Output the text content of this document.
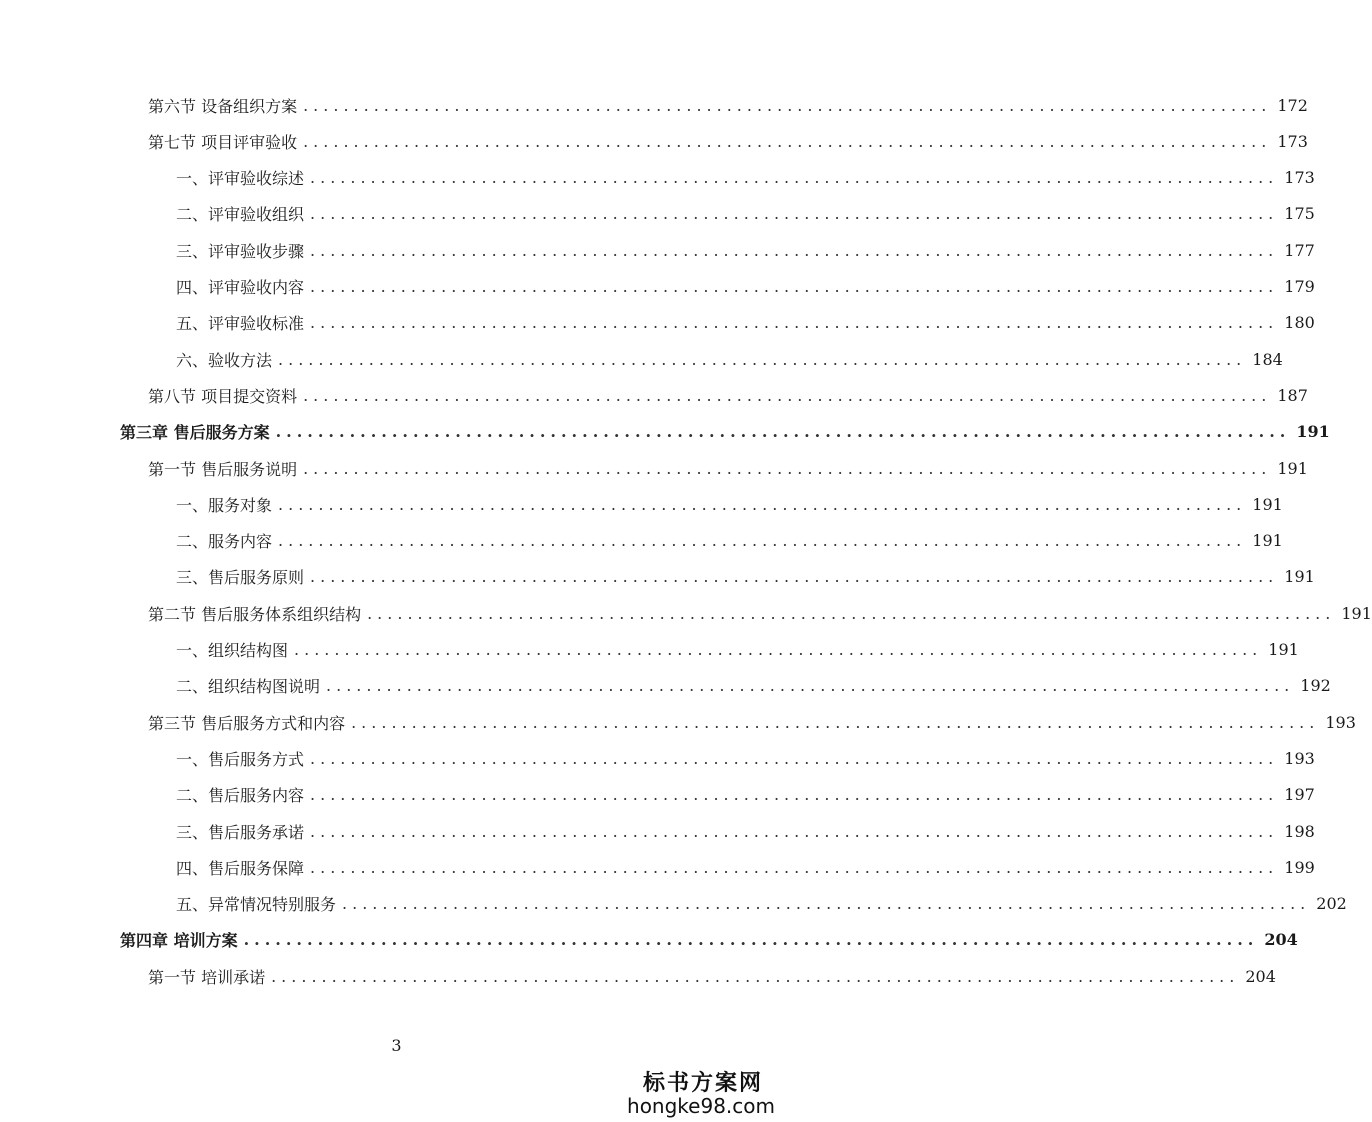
第六节 设备组织方案 ................................................................................................ 172
第七节 项目评审验收 ................................................................................................ 173
一、评审验收综述 ................................................................................................ 173
二、评审验收组织 ................................................................................................ 175
三、评审验收步骤 ................................................................................................ 177
四、评审验收内容 ................................................................................................ 179
五、评审验收标准 ................................................................................................ 180
六、验收方法 ................................................................................................ 184
第八节 项目提交资料 ................................................................................................ 187
第三章 售后服务方案 ................................................................................................ 191
第一节 售后服务说明 ................................................................................................ 191
一、服务对象 ................................................................................................ 191
二、服务内容 ................................................................................................ 191
三、售后服务原则 ................................................................................................ 191
第二节 售后服务体系组织结构 ................................................................................................ 191
一、组织结构图 ................................................................................................ 191
二、组织结构图说明 ................................................................................................ 192
第三节 售后服务方式和内容 ................................................................................................ 193
一、售后服务方式 ................................................................................................ 193
二、售后服务内容 ................................................................................................ 197
三、售后服务承诺 ................................................................................................ 198
四、售后服务保障 ................................................................................................ 199
五、异常情况特别服务 ................................................................................................ 202
第四章 培训方案 ................................................................................................ 204
第一节 培训承诺 ................................................................................................ 204
3
标书方案网
hongke98.com
